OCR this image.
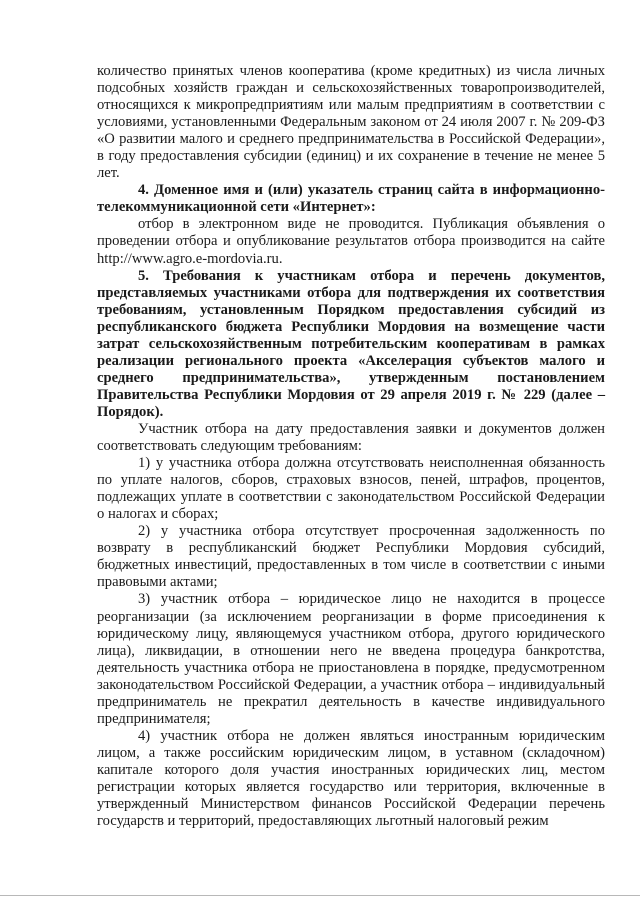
количество принятых членов кооператива (кроме кредитных) из числа личных подсобных хозяйств граждан и сельскохозяйственных товаропроизводителей, относящихся к микропредприятиям или малым предприятиям в соответствии с условиями, установленными Федеральным законом от 24 июля 2007 г. № 209-ФЗ «О развитии малого и среднего предпринимательства в Российской Федерации», в году предоставления субсидии (единиц) и их сохранение в течение не менее 5 лет.

4. Доменное имя и (или) указатель страниц сайта в информационно-телекоммуникационной сети «Интернет»:

отбор в электронном виде не проводится. Публикация объявления о проведении отбора и опубликование результатов отбора производится на сайте http://www.agro.e-mordovia.ru.

5. Требования к участникам отбора и перечень документов, представляемых участниками отбора для подтверждения их соответствия требованиям, установленным Порядком предоставления субсидий из республиканского бюджета Республики Мордовия на возмещение части затрат сельскохозяйственным потребительским кооперативам в рамках реализации регионального проекта «Акселерация субъектов малого и среднего предпринимательства», утвержденным постановлением Правительства Республики Мордовия от 29 апреля 2019 г. № 229 (далее – Порядок).

Участник отбора на дату предоставления заявки и документов должен соответствовать следующим требованиям:

1) у участника отбора должна отсутствовать неисполненная обязанность по уплате налогов, сборов, страховых взносов, пеней, штрафов, процентов, подлежащих уплате в соответствии с законодательством Российской Федерации о налогах и сборах;

2) у участника отбора отсутствует просроченная задолженность по возврату в республиканский бюджет Республики Мордовия субсидий, бюджетных инвестиций, предоставленных в том числе в соответствии с иными правовыми актами;

3) участник отбора – юридическое лицо не находится в процессе реорганизации (за исключением реорганизации в форме присоединения к юридическому лицу, являющемуся участником отбора, другого юридического лица), ликвидации, в отношении него не введена процедура банкротства, деятельность участника отбора не приостановлена в порядке, предусмотренном законодательством Российской Федерации, а участник отбора – индивидуальный предприниматель не прекратил деятельность в качестве индивидуального предпринимателя;

4) участник отбора не должен являться иностранным юридическим лицом, а также российским юридическим лицом, в уставном (складочном) капитале которого доля участия иностранных юридических лиц, местом регистрации которых является государство или территория, включенные в утвержденный Министерством финансов Российской Федерации перечень государств и территорий, предоставляющих льготный налоговый режим
